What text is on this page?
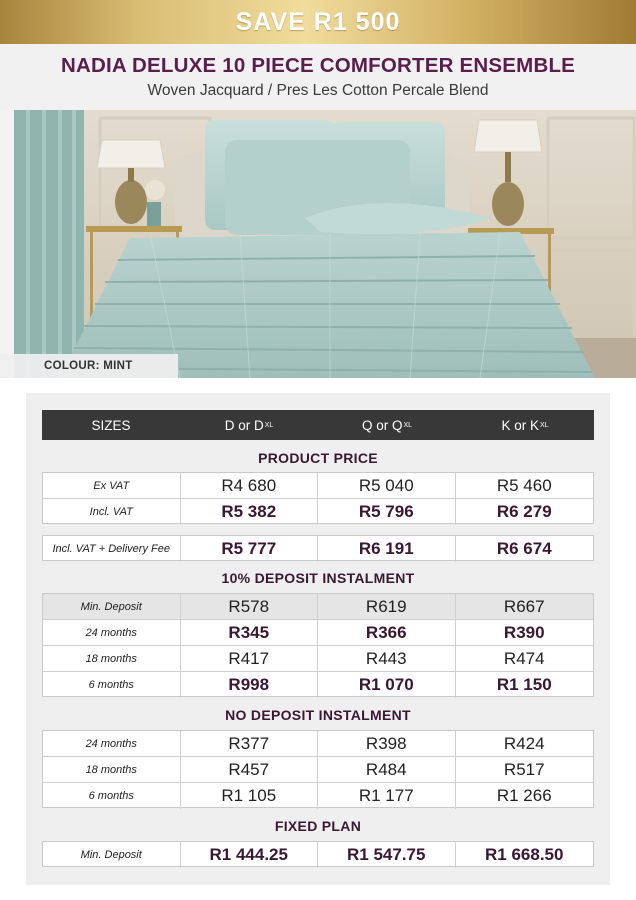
SAVE R1 500
NADIA DELUXE 10 PIECE COMFORTER ENSEMBLE
Woven Jacquard / Pres Les Cotton Percale Blend
COLOUR: MINT
SIZES	D or D XL	Q or Q XL	K or K XL
PRODUCT PRICE
Ex VAT	R4 680	R5 040	R5 460
Incl. VAT	R5 382	R5 796	R6 279
Incl. VAT + Delivery Fee	R5 777	R6 191	R6 674
10% DEPOSIT INSTALMENT
Min. Deposit	R578	R619	R667
24 months	R345	R366	R390
18 months	R417	R443	R474
6 months	R998	R1 070	R1 150
NO DEPOSIT INSTALMENT
24 months	R377	R398	R424
18 months	R457	R484	R517
6 months	R1 105	R1 177	R1 266
FIXED PLAN
Min. Deposit	R1 444.25	R1 547.75	R1 668.50
